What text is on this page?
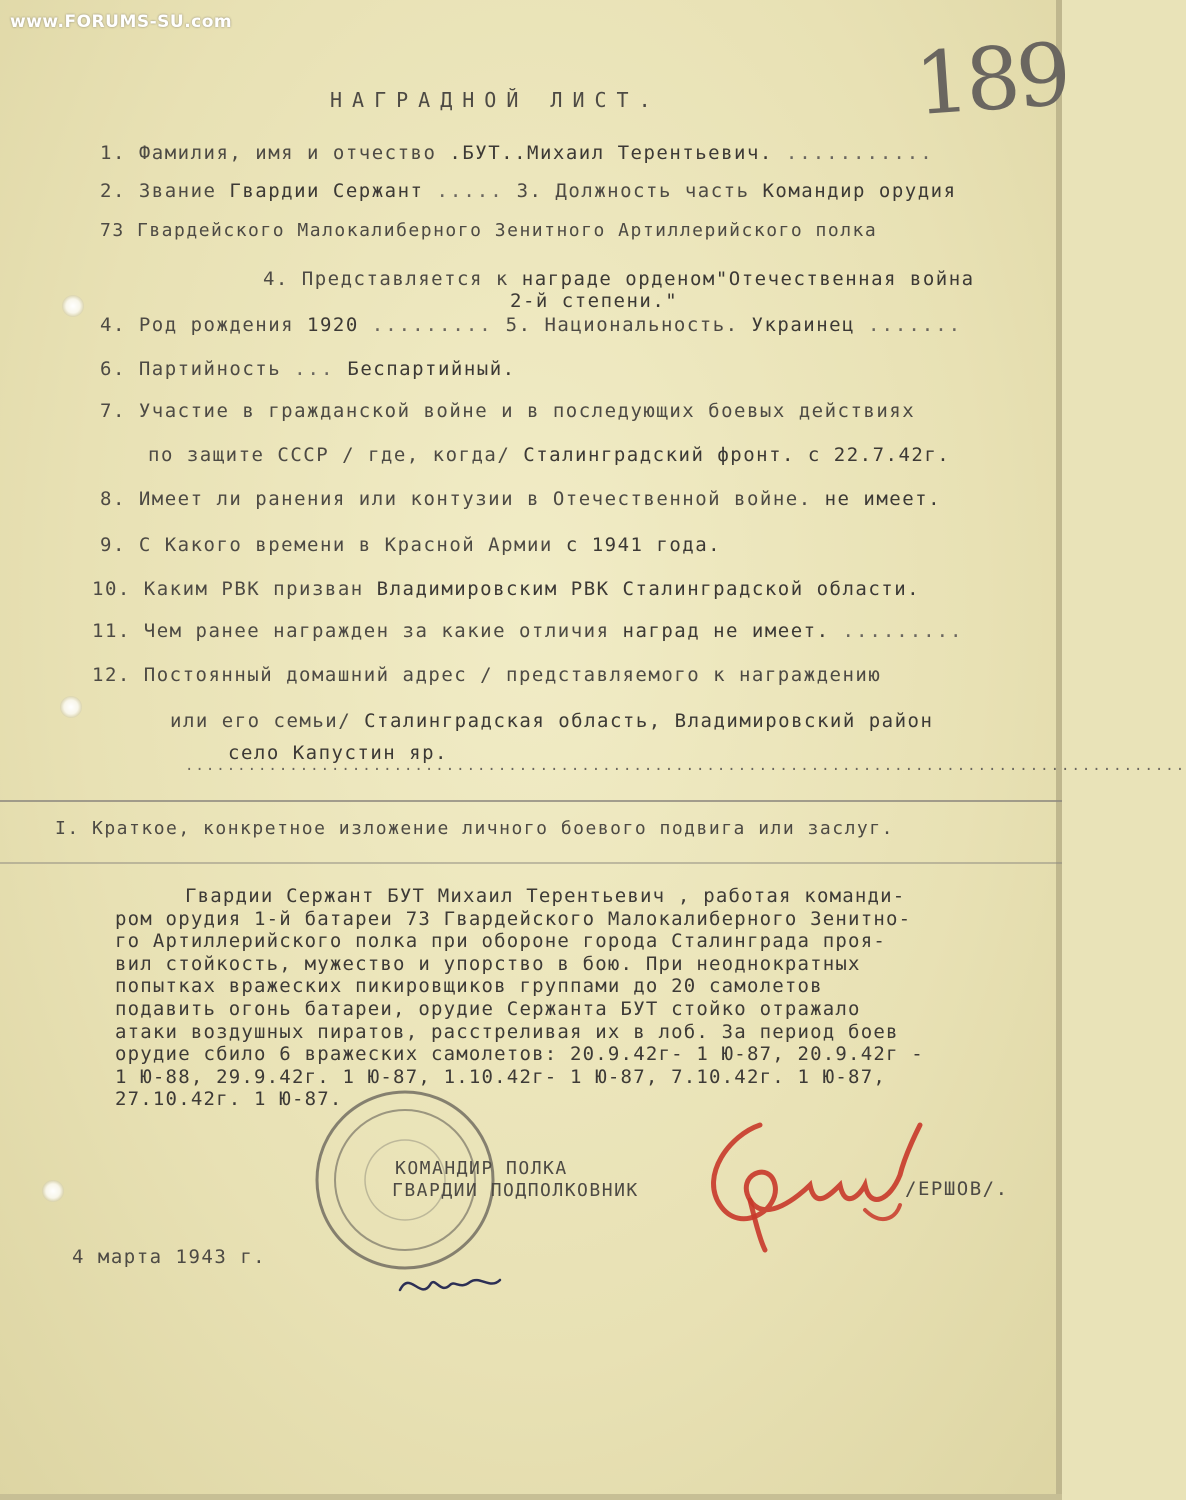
www.FORUMS-SU.com
189
НАГРАДНОЙ ЛИСТ.
1. Фамилия, имя и отчество .БУТ..Михаил Терентьевич. ...........
2. Звание Гвардии Сержант ..... 3. Должность часть Командир орудия
73 Гвардейского Малокалиберного Зенитного Артиллерийского полка
4. Представляется к награде орденом"Отечественная война
2-й степени."
4. Род рождения 1920 ......... 5. Национальность. Украинец .......
6. Партийность ... Беспартийный.
7. Участие в гражданской войне и в последующих боевых действиях
по защите СССР / где, когда/ Сталинградский фронт. с 22.7.42г.
8. Имеет ли ранения или контузии в Отечественной войне. не имеет.
9. С Какого времени в Красной Армии с 1941 года.
10. Каким РВК призван Владимировским РВК Сталинградской области.
11. Чем ранее награжден за какие отличия наград не имеет. .........
12. Постоянный домашний адрес / представляемого к награждению
или его семьи/ Сталинградская область, Владимировский район
село Капустин яр.
................................................................................................
I. Краткое, конкретное изложение личного боевого подвига или заслуг.
Гвардии Сержант БУТ Михаил Терентьевич , работая команди-
ром орудия 1-й батареи 73 Гвардейского Малокалиберного Зенитно-
го Артиллерийского полка при обороне города Сталинграда проя-
вил стойкость, мужество и упорство в бою. При неоднократных
попытках вражеских пикировщиков группами до 20 самолетов
подавить огонь батареи, орудие Сержанта БУТ стойко отражало
атаки воздушных пиратов, расстреливая их в лоб. За период боев
орудие сбило 6 вражеских самолетов: 20.9.42г- 1 Ю-87, 20.9.42г -
1 Ю-88, 29.9.42г. 1 Ю-87, 1.10.42г- 1 Ю-87, 7.10.42г. 1 Ю-87,
27.10.42г. 1 Ю-87.
КОМАНДИР ПОЛКА
ГВАРДИИ ПОДПОЛКОВНИК	/ЕРШОВ/.
4 марта 1943 г.
